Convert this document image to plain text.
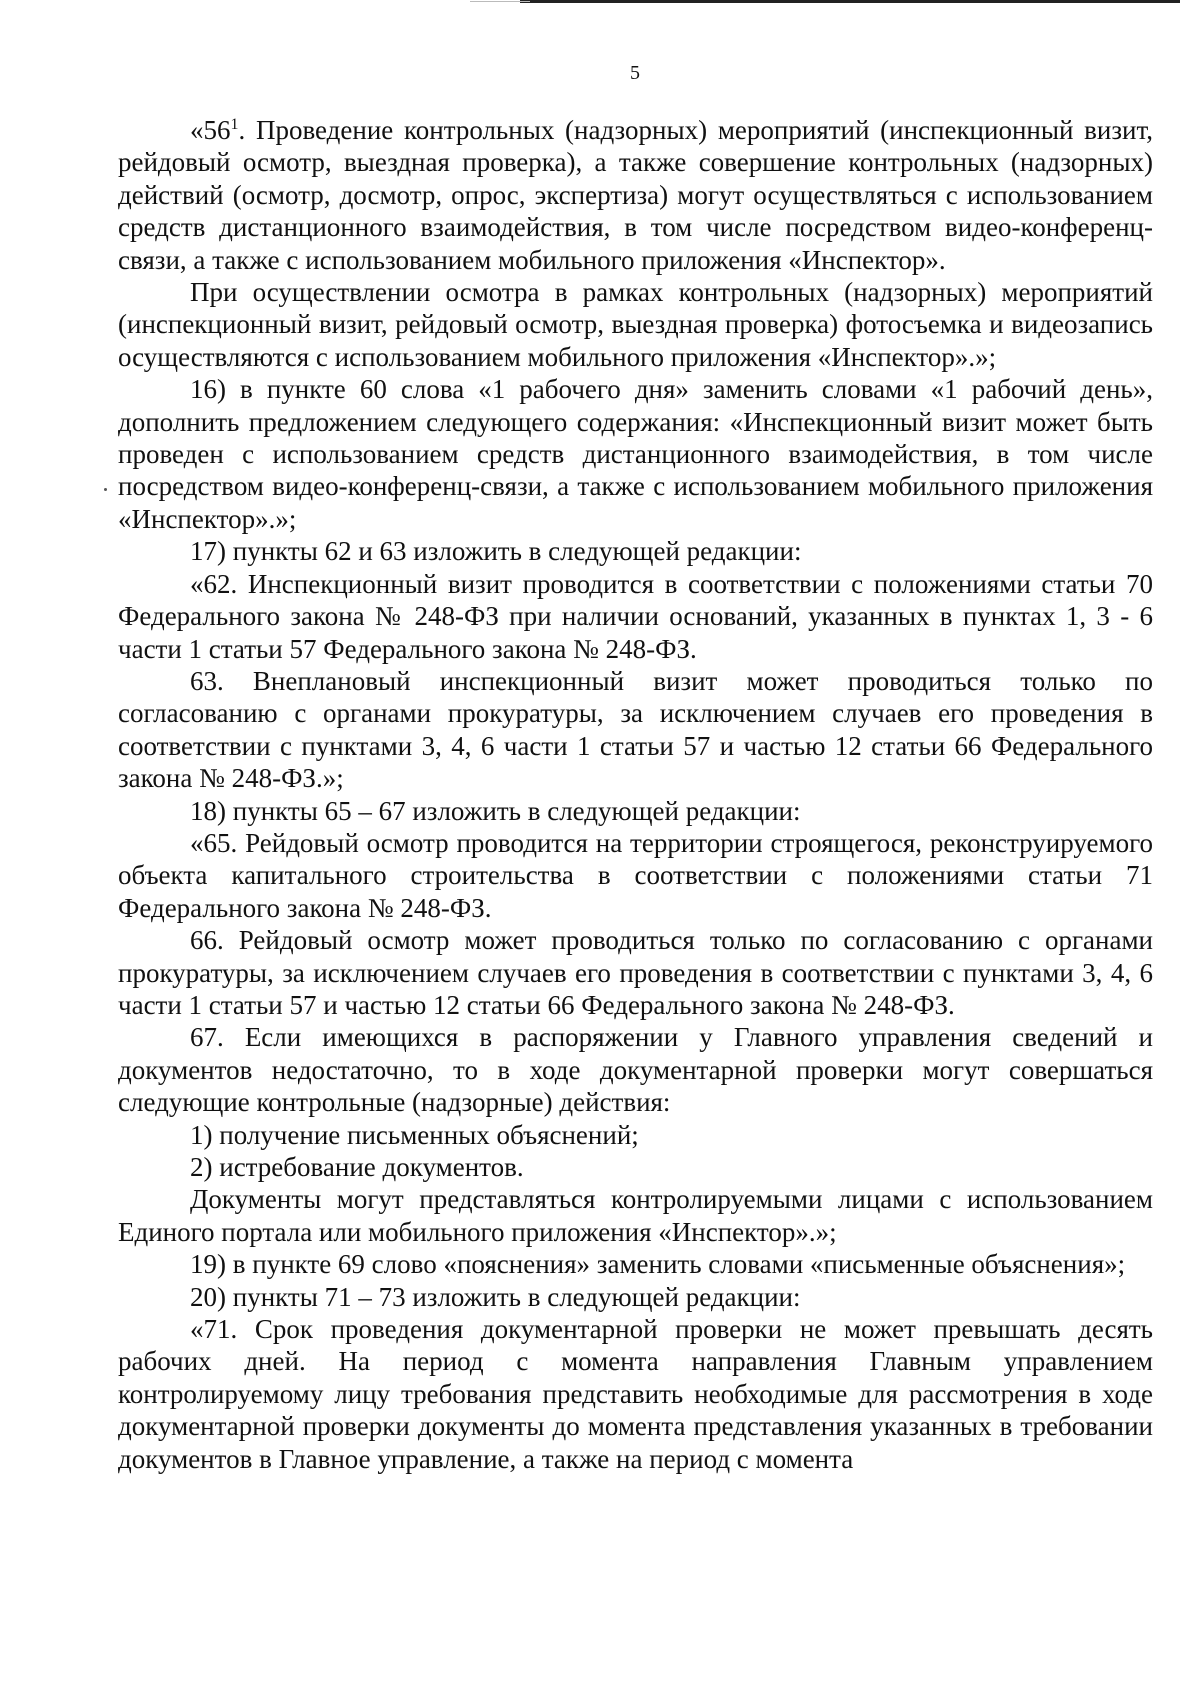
5

«$56^1$. Проведение контрольных (надзорных) мероприятий (инспекционный визит, рейдовый осмотр, выездная проверка), а также совершение контрольных (надзорных) действий (осмотр, досмотр, опрос, экспертиза) могут осуществляться с использованием средств дистанционного взаимодействия, в том числе посредством видео-конференц-связи, а также с использованием мобильного приложения «Инспектор».

При осуществлении осмотра в рамках контрольных (надзорных) мероприятий (инспекционный визит, рейдовый осмотр, выездная проверка) фотосъемка и видеозапись осуществляются с использованием мобильного приложения «Инспектор».»;

16) в пункте 60 слова «1 рабочего дня» заменить словами «1 рабочий день», дополнить предложением следующего содержания: «Инспекционный визит может быть проведен с использованием средств дистанционного взаимодействия, в том числе посредством видео-конференц-связи, а также с использованием мобильного приложения «Инспектор».»;

17) пункты 62 и 63 изложить в следующей редакции:

«62. Инспекционный визит проводится в соответствии с положениями статьи 70 Федерального закона № 248-ФЗ при наличии оснований, указанных в пунктах 1, 3 - 6 части 1 статьи 57 Федерального закона № 248-ФЗ.

63. Внеплановый инспекционный визит может проводиться только по согласованию с органами прокуратуры, за исключением случаев его проведения в соответствии с пунктами 3, 4, 6 части 1 статьи 57 и частью 12 статьи 66 Федерального закона № 248-ФЗ.»;

18) пункты 65 – 67 изложить в следующей редакции:

«65. Рейдовый осмотр проводится на территории строящегося, реконструируемого объекта капитального строительства в соответствии с положениями статьи 71 Федерального закона № 248-ФЗ.

66. Рейдовый осмотр может проводиться только по согласованию с органами прокуратуры, за исключением случаев его проведения в соответствии с пунктами 3, 4, 6 части 1 статьи 57 и частью 12 статьи 66 Федерального закона № 248-ФЗ.

67. Если имеющихся в распоряжении у Главного управления сведений и документов недостаточно, то в ходе документарной проверки могут совершаться следующие контрольные (надзорные) действия:

1) получение письменных объяснений;

2) истребование документов.

Документы могут представляться контролируемыми лицами с использованием Единого портала или мобильного приложения «Инспектор».»;

19) в пункте 69 слово «пояснения» заменить словами «письменные объяснения»;

20) пункты 71 – 73 изложить в следующей редакции:

«71. Срок проведения документарной проверки не может превышать десять рабочих дней. На период с момента направления Главным управлением контролируемому лицу требования представить необходимые для рассмотрения в ходе документарной проверки документы до момента представления указанных в требовании документов в Главное управление, а также на период с момента
